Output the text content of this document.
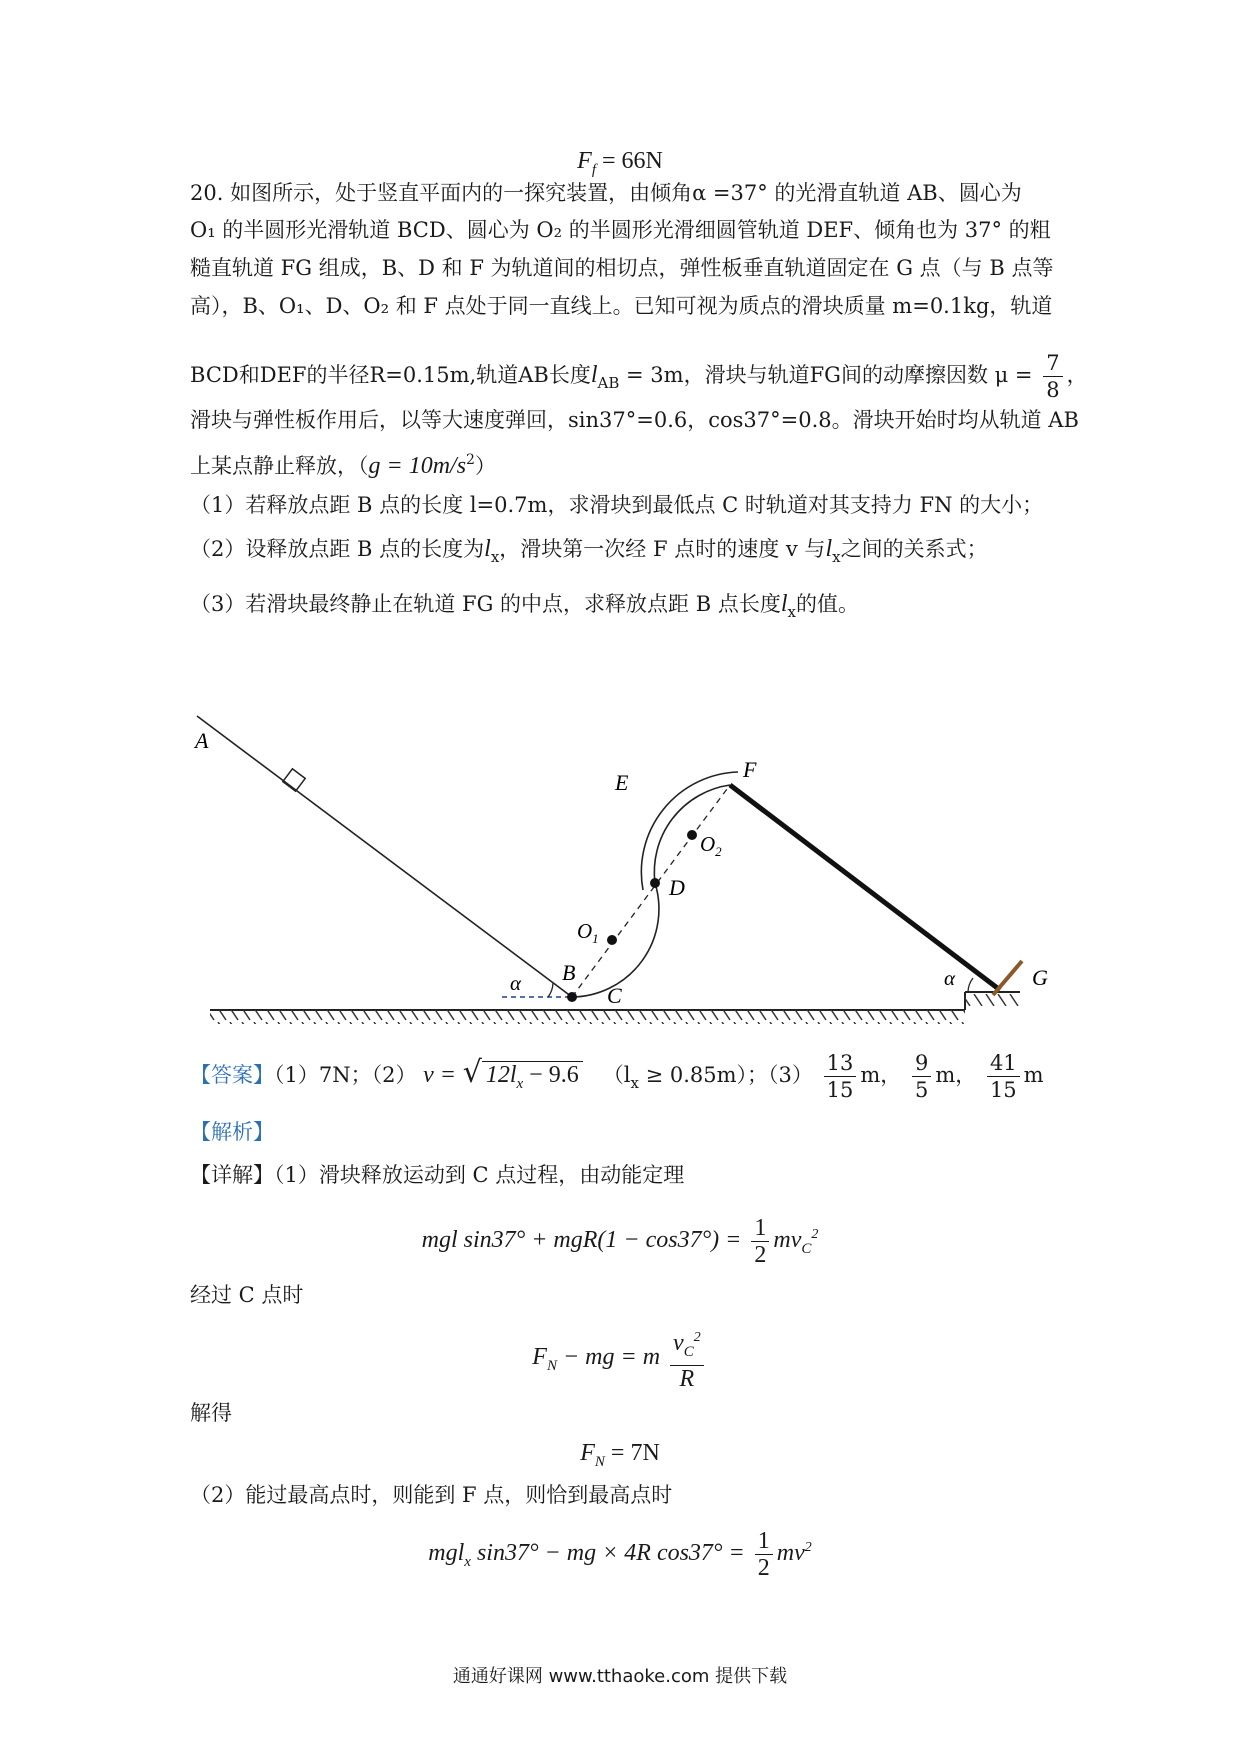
$F_f = 66N$
20. 如图所示，处于竖直平面内的一探究装置，由倾角α =37° 的光滑直轨道 AB、圆心为
O₁ 的半圆形光滑轨道 BCD、圆心为 O₂ 的半圆形光滑细圆管轨道 DEF、倾角也为 37° 的粗
糙直轨道 FG 组成，B、D 和 F 为轨道间的相切点，弹性板垂直轨道固定在 G 点（与 B 点等
高），B、O₁、D、O₂ 和 F 点处于同一直线上。已知可视为质点的滑块质量 m=0.1kg，轨道
BCD和DEF的半径R=0.15m,轨道AB长度$l_{AB} = 3m$，滑块与轨道FG间的动摩擦因数 $\mu = \frac{7}{8}$ ，
滑块与弹性板作用后，以等大速度弹回，sin37°=0.6，cos37°=0.8。滑块开始时均从轨道 AB
上某点静止释放，$(g = 10m/s^2)$
（1）若释放点距 B 点的长度 l=0.7m，求滑块到最低点 C 时轨道对其支持力 FN 的大小；
（2）设释放点距 B 点的长度为$l_x$，滑块第一次经 F 点时的速度 v 与$l_x$之间的关系式；
（3）若滑块最终静止在轨道 FG 的中点，求释放点距 B 点长度$l_x$的值。
A
B
C
D
E
F
G
$O_1$
$O_2$
α	α
【答案】（1）7N；（2） v = √ $12l_x - 9.6$ $(l_x \ge 0.85m)$；$(3) \frac{13}{15}$ m， $\frac{9}{5}$ m， $\frac{41}{15}$ m
【解析】
【详解】（1）滑块释放运动到 C 点过程，由动能定理
mgl $\sin 37^\circ + mgR(1 - \cos 37^\circ) = \frac{1}{2} mv_C^2$
经过 C 点时
$F_N$ − mg = m $\frac{v_C^2}{R}$
解得
$F_N = 7N$
（2）能过最高点时，则能到 F 点，则恰到最高点时
mgl$_x$ sin37° − mg × 4R $\cos 37^\circ = \frac{1}{2} mv^2$
通通好课网 www.tthaoke.com 提供下载
